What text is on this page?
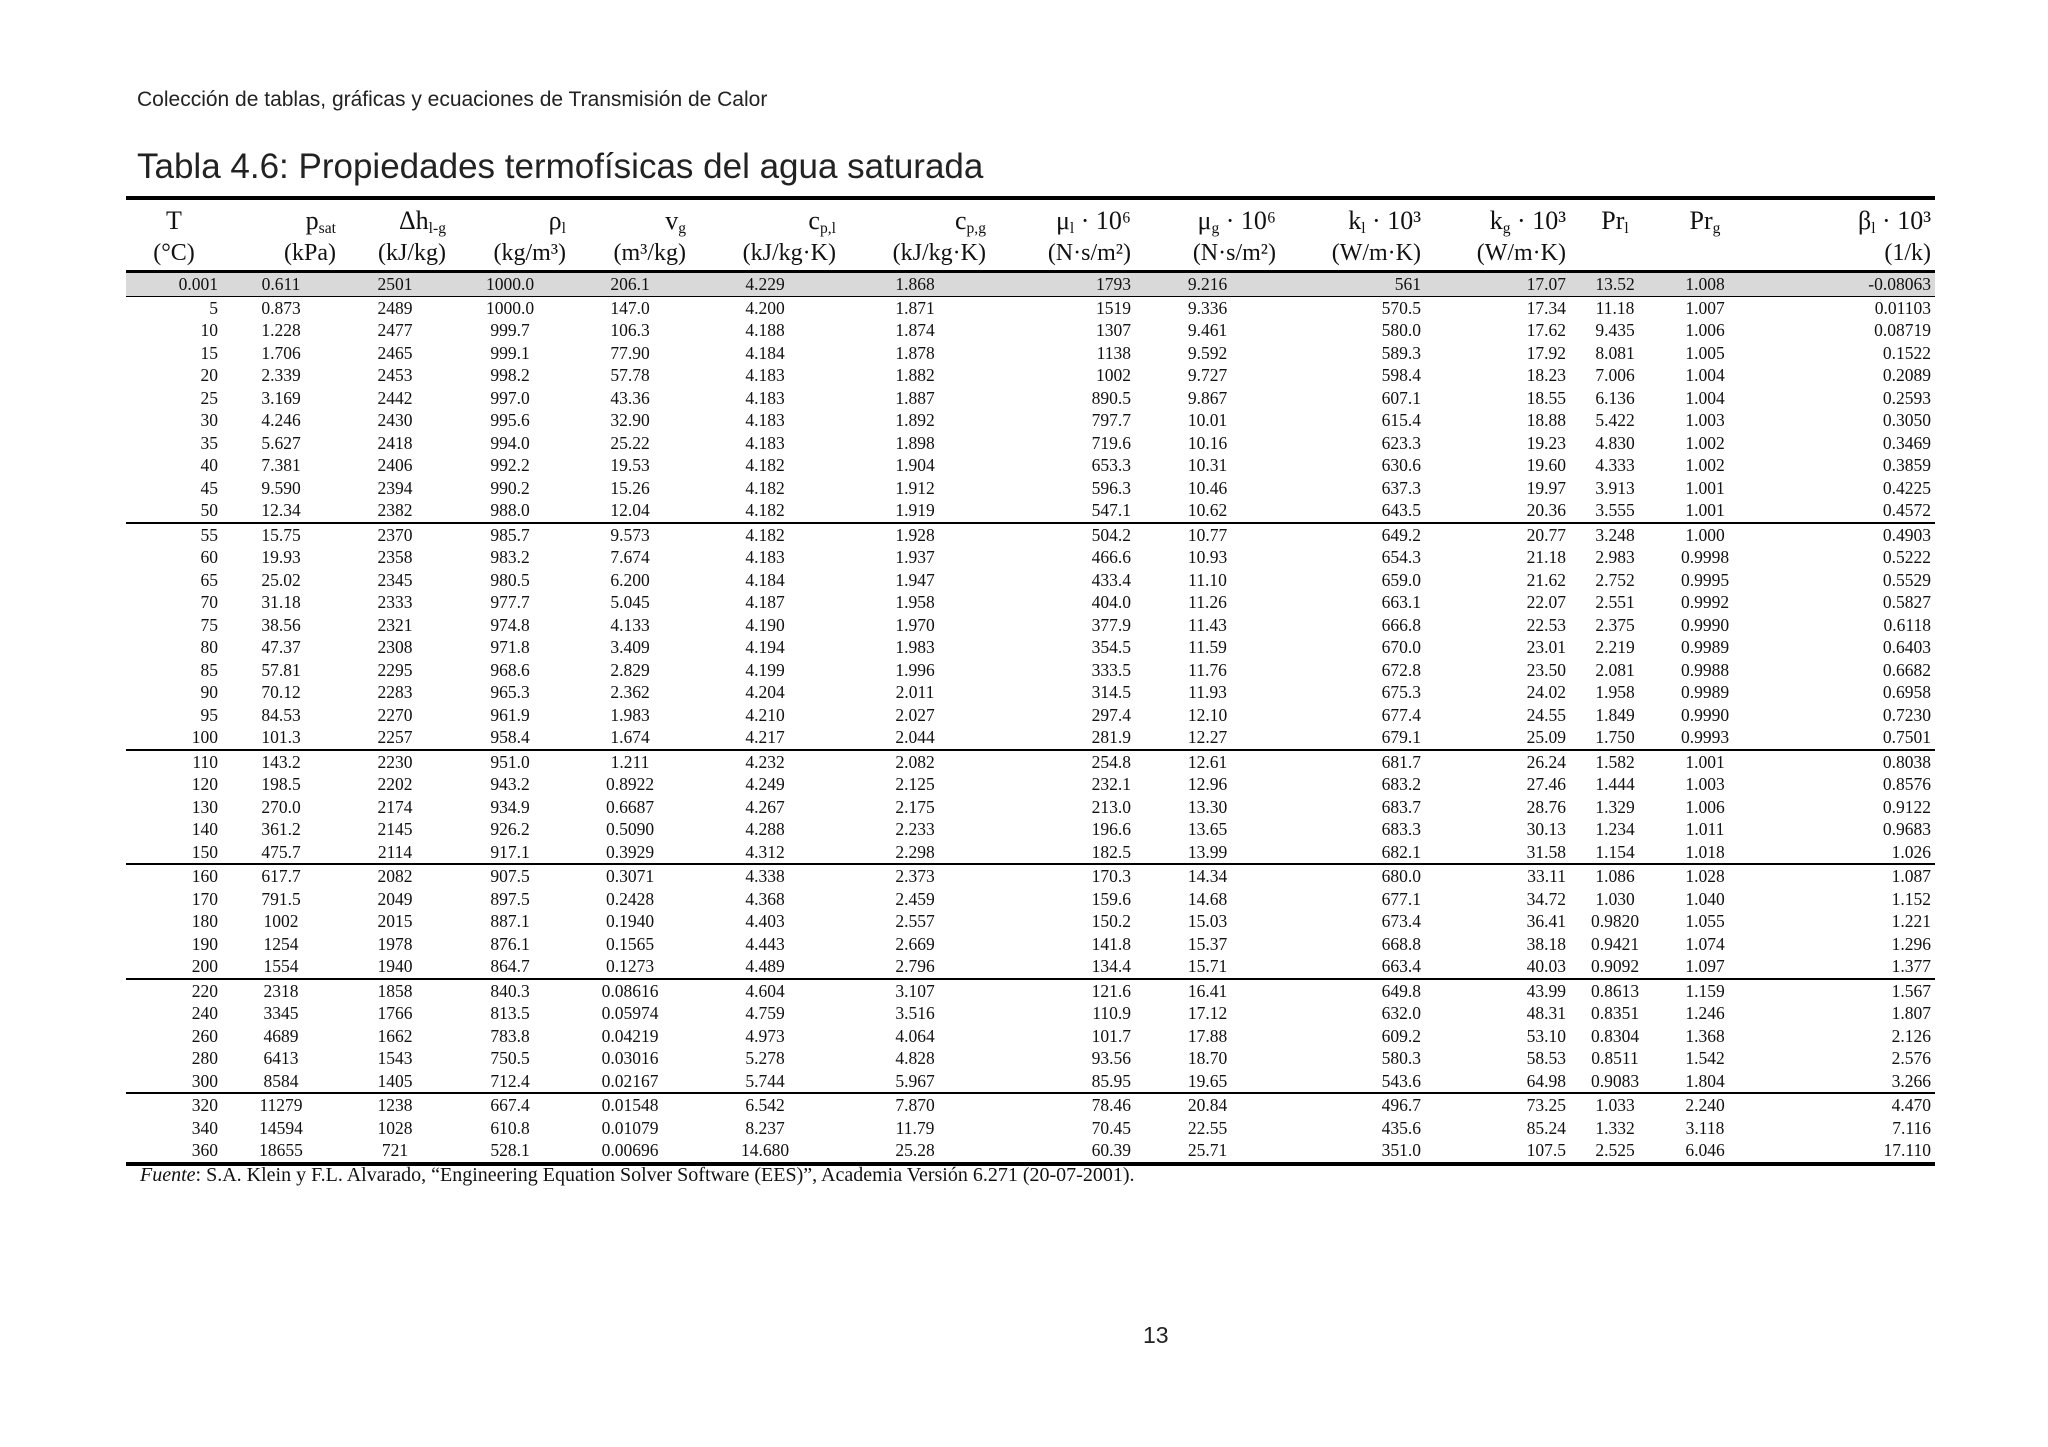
Colección de tablas, gráficas y ecuaciones de Transmisión de Calor
Tabla 4.6: Propiedades termofísicas del agua saturada
T	$p_{sat}$	$\Delta h_{l-g}$	$\rho_l$	$v_g$	$c_{p,l}$	$c_{p,g}$	$\mu_l \cdot 10^6$	$\mu_g \cdot 10^6$	$k_l \cdot 10^3$	$k_g \cdot 10^3$	$Pr_l$	$Pr_g$	$\beta_l \cdot 10^3$
(°C)	(kPa)	(kJ/kg)	(kg/m³)	(m³/kg)	(kJ/kg·K)	(kJ/kg·K)	(N·s/m²)	(N·s/m²)	(W/m·K)	(W/m·K)			(1/k)
0.001	0.611	2501	1000.0	206.1	4.229	1.868	1793	9.216	561	17.07	13.52	1.008	-0.08063
5	0.873	2489	1000.0	147.0	4.200	1.871	1519	9.336	570.5	17.34	11.18	1.007	0.01103
10	1.228	2477	999.7	106.3	4.188	1.874	1307	9.461	580.0	17.62	9.435	1.006	0.08719
15	1.706	2465	999.1	77.90	4.184	1.878	1138	9.592	589.3	17.92	8.081	1.005	0.1522
20	2.339	2453	998.2	57.78	4.183	1.882	1002	9.727	598.4	18.23	7.006	1.004	0.2089
25	3.169	2442	997.0	43.36	4.183	1.887	890.5	9.867	607.1	18.55	6.136	1.004	0.2593
30	4.246	2430	995.6	32.90	4.183	1.892	797.7	10.01	615.4	18.88	5.422	1.003	0.3050
35	5.627	2418	994.0	25.22	4.183	1.898	719.6	10.16	623.3	19.23	4.830	1.002	0.3469
40	7.381	2406	992.2	19.53	4.182	1.904	653.3	10.31	630.6	19.60	4.333	1.002	0.3859
45	9.590	2394	990.2	15.26	4.182	1.912	596.3	10.46	637.3	19.97	3.913	1.001	0.4225
50	12.34	2382	988.0	12.04	4.182	1.919	547.1	10.62	643.5	20.36	3.555	1.001	0.4572
55	15.75	2370	985.7	9.573	4.182	1.928	504.2	10.77	649.2	20.77	3.248	1.000	0.4903
60	19.93	2358	983.2	7.674	4.183	1.937	466.6	10.93	654.3	21.18	2.983	0.9998	0.5222
65	25.02	2345	980.5	6.200	4.184	1.947	433.4	11.10	659.0	21.62	2.752	0.9995	0.5529
70	31.18	2333	977.7	5.045	4.187	1.958	404.0	11.26	663.1	22.07	2.551	0.9992	0.5827
75	38.56	2321	974.8	4.133	4.190	1.970	377.9	11.43	666.8	22.53	2.375	0.9990	0.6118
80	47.37	2308	971.8	3.409	4.194	1.983	354.5	11.59	670.0	23.01	2.219	0.9989	0.6403
85	57.81	2295	968.6	2.829	4.199	1.996	333.5	11.76	672.8	23.50	2.081	0.9988	0.6682
90	70.12	2283	965.3	2.362	4.204	2.011	314.5	11.93	675.3	24.02	1.958	0.9989	0.6958
95	84.53	2270	961.9	1.983	4.210	2.027	297.4	12.10	677.4	24.55	1.849	0.9990	0.7230
100	101.3	2257	958.4	1.674	4.217	2.044	281.9	12.27	679.1	25.09	1.750	0.9993	0.7501
110	143.2	2230	951.0	1.211	4.232	2.082	254.8	12.61	681.7	26.24	1.582	1.001	0.8038
120	198.5	2202	943.2	0.8922	4.249	2.125	232.1	12.96	683.2	27.46	1.444	1.003	0.8576
130	270.0	2174	934.9	0.6687	4.267	2.175	213.0	13.30	683.7	28.76	1.329	1.006	0.9122
140	361.2	2145	926.2	0.5090	4.288	2.233	196.6	13.65	683.3	30.13	1.234	1.011	0.9683
150	475.7	2114	917.1	0.3929	4.312	2.298	182.5	13.99	682.1	31.58	1.154	1.018	1.026
160	617.7	2082	907.5	0.3071	4.338	2.373	170.3	14.34	680.0	33.11	1.086	1.028	1.087
170	791.5	2049	897.5	0.2428	4.368	2.459	159.6	14.68	677.1	34.72	1.030	1.040	1.152
180	1002	2015	887.1	0.1940	4.403	2.557	150.2	15.03	673.4	36.41	0.9820	1.055	1.221
190	1254	1978	876.1	0.1565	4.443	2.669	141.8	15.37	668.8	38.18	0.9421	1.074	1.296
200	1554	1940	864.7	0.1273	4.489	2.796	134.4	15.71	663.4	40.03	0.9092	1.097	1.377
220	2318	1858	840.3	0.08616	4.604	3.107	121.6	16.41	649.8	43.99	0.8613	1.159	1.567
240	3345	1766	813.5	0.05974	4.759	3.516	110.9	17.12	632.0	48.31	0.8351	1.246	1.807
260	4689	1662	783.8	0.04219	4.973	4.064	101.7	17.88	609.2	53.10	0.8304	1.368	2.126
280	6413	1543	750.5	0.03016	5.278	4.828	93.56	18.70	580.3	58.53	0.8511	1.542	2.576
300	8584	1405	712.4	0.02167	5.744	5.967	85.95	19.65	543.6	64.98	0.9083	1.804	3.266
320	11279	1238	667.4	0.01548	6.542	7.870	78.46	20.84	496.7	73.25	1.033	2.240	4.470
340	14594	1028	610.8	0.01079	8.237	11.79	70.45	22.55	435.6	85.24	1.332	3.118	7.116
360	18655	721	528.1	0.00696	14.680	25.28	60.39	25.71	351.0	107.5	2.525	6.046	17.110
Fuente: S.A. Klein y F.L. Alvarado, “Engineering Equation Solver Software (EES)”, Academia Versión 6.271 (20-07-2001).
13
